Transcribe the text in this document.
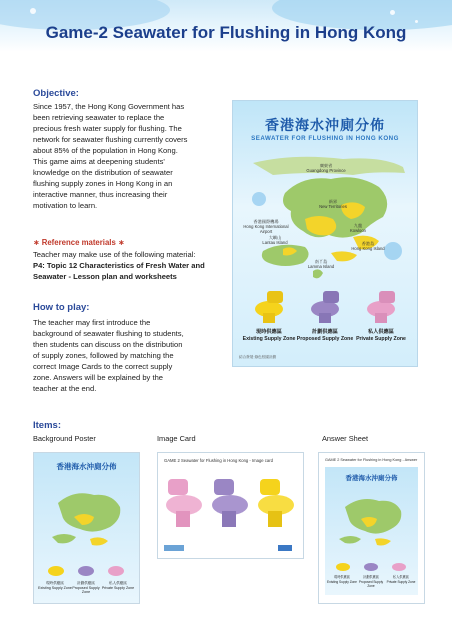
Game-2 Seawater for Flushing in Hong Kong
Objective:
Since 1957, the Hong Kong Government has
been retrieving seawater to replace the
precious fresh water supply for flushing. The
network for seawater flushing currently covers
about 85% of the population in Hong Kong.
This game aims at deepening students'
knowledge on the distribution of seawater
flushing supply zones in Hong Kong in an
interactive manner, thus increasing their
motivation to learn.
∗ Reference materials ∗
Teacher may make use of the following material:
P4: Topic 12 Characteristics of Fresh Water and
Seawater - Lesson plan and worksheets
How to play:
The teacher may first introduce the
background of seawater flushing to students,
then students can discuss on the distribution
of supply zones, followed by matching the
correct Image Cards to the correct supply
zone. Answers will be explained by the
teacher at the end.
香港海水沖廁分佈
SEAWATER FOR FLUSHING IN HONG KONG
廣東省
Guangdong Province
新界
New Territories
香港國際機場
Hong Kong International Airport
九龍
Kowloon
大嶼山
Lantau Island	香港島
Hong Kong Island
南丫島
Lamma Island
現時供應區
Existing Supply Zone
計劃供應區
Proposed Supply Zone
私人供應區
Private Supply Zone
結合發展·綠色校園計劃
Items:
Background Poster	Image Card	Answer Sheet
香港海水沖廁分佈
現時供應區
Existing Supply Zone
計劃供應區
Proposed Supply Zone
私人供應區
Private Supply Zone
GAME 2 Seawater for Flushing in Hong Kong - Image card	GAME 2 Seawater for Flushing in Hong Kong - Answer
香港海水沖廁分佈
現時供應區
Existing Supply Zone
計劃供應區
Proposed Supply Zone
私人供應區
Private Supply Zone
